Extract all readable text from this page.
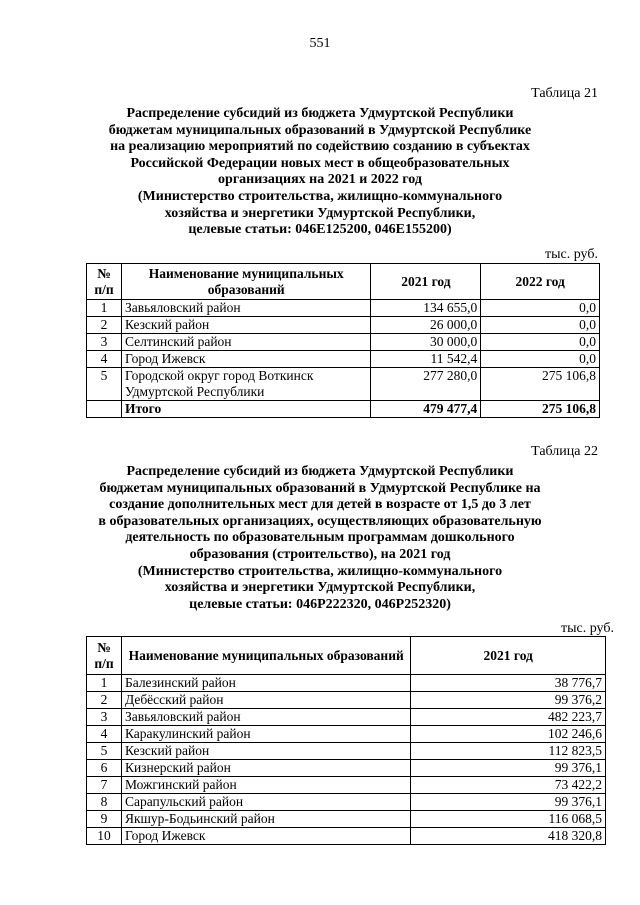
551
Таблица 21
Распределение субсидий из бюджета Удмуртской Республики
бюджетам муниципальных образований в Удмуртской Республике
на реализацию мероприятий по содействию созданию в субъектах
Российской Федерации новых мест в общеобразовательных
организациях на 2021 и 2022 год
(Министерство строительства, жилищно-коммунального
хозяйства и энергетики Удмуртской Республики,
целевые статьи: 046Е125200, 046Е155200)
тыс. руб.
№ п/п	Наименование муниципальных образований	2021 год	2022 год
1	Завьяловский район	134 655,0	0,0
2	Кезский район	26 000,0	0,0
3	Селтинский район	30 000,0	0,0
4	Город Ижевск	11 542,4	0,0
5	Городской округ город Воткинск Удмуртской Республики	277 280,0	275 106,8
	Итого	479 477,4	275 106,8
Таблица 22
Распределение субсидий из бюджета Удмуртской Республики
бюджетам муниципальных образований в Удмуртской Республике на
создание дополнительных мест для детей в возрасте от 1,5 до 3 лет
в образовательных организациях, осуществляющих образовательную
деятельность по образовательным программам дошкольного
образования (строительство), на 2021 год
(Министерство строительства, жилищно-коммунального
хозяйства и энергетики Удмуртской Республики,
целевые статьи: 046Р222320, 046Р252320)
тыс. руб.
№ п/п	Наименование муниципальных образований	2021 год
1	Балезинский район	38 776,7
2	Дебёсский район	99 376,2
3	Завьяловский район	482 223,7
4	Каракулинский район	102 246,6
5	Кезский район	112 823,5
6	Кизнерский район	99 376,1
7	Можгинский район	73 422,2
8	Сарапульский район	99 376,1
9	Якшур-Бодьинский район	116 068,5
10	Город Ижевск	418 320,8
